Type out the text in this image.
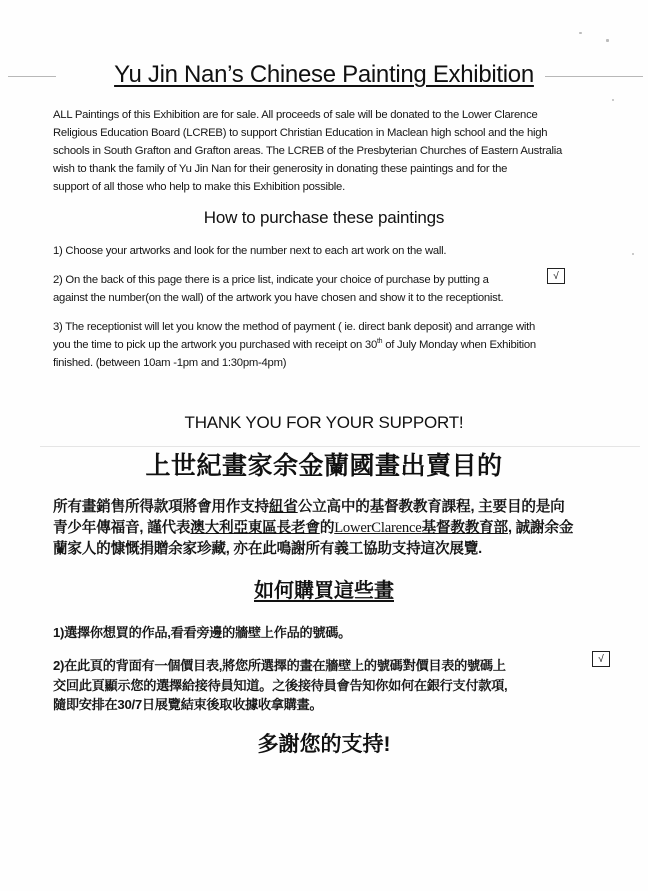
Yu Jin Nan’s Chinese Painting Exhibition
ALL Paintings of this Exhibition are for sale. All proceeds of sale will be donated to the Lower Clarence
Religious Education Board (LCREB) to support Christian Education in Maclean high school and the high
schools in South Grafton and Grafton areas. The LCREB of the Presbyterian Churches of Eastern Australia
wish to thank the family of Yu Jin Nan for their generosity in donating these paintings and for the
support of all those who help to make this Exhibition possible.
How to purchase these paintings

1) Choose your artworks and look for the number next to each art work on the wall.

2) On the back of this page there is a price list, indicate your choice of purchase by putting a

against the number(on the wall) of the artwork you have chosen and show it to the receptionist.

√

3) The receptionist will let you know the method of payment ( ie. direct bank deposit) and arrange with

you the time to pick up the artwork you purchased with receipt on 30th of July Monday when Exhibition

finished. (between 10am -1pm and 1:30pm-4pm)

THANK YOU FOR YOUR SUPPORT!
上世紀畫家余金蘭國畫出賣目的
所有畫銷售所得款項將會用作支持紐省公立高中的基督教教育課程, 主要目的是向
青少年傳福音, 謹代表澳大利亞東區長老會的LowerClarence基督教教育部, 誠謝余金
蘭家人的慷慨捐贈余家珍藏, 亦在此鳴謝所有義工協助支持這次展覽.
如何購買這些畫
1)選擇你想買的作品,看看旁邊的牆壁上作品的號碼。
2)在此頁的背面有一個價目表,將您所選擇的畫在牆壁上的號碼對價目表的號碼上
交回此頁顯示您的選擇給接待員知道。之後接待員會告知你如何在銀行支付款項,
隨即安排在30/7日展覽結束後取收據收拿購畫。
√
多謝您的支持!
